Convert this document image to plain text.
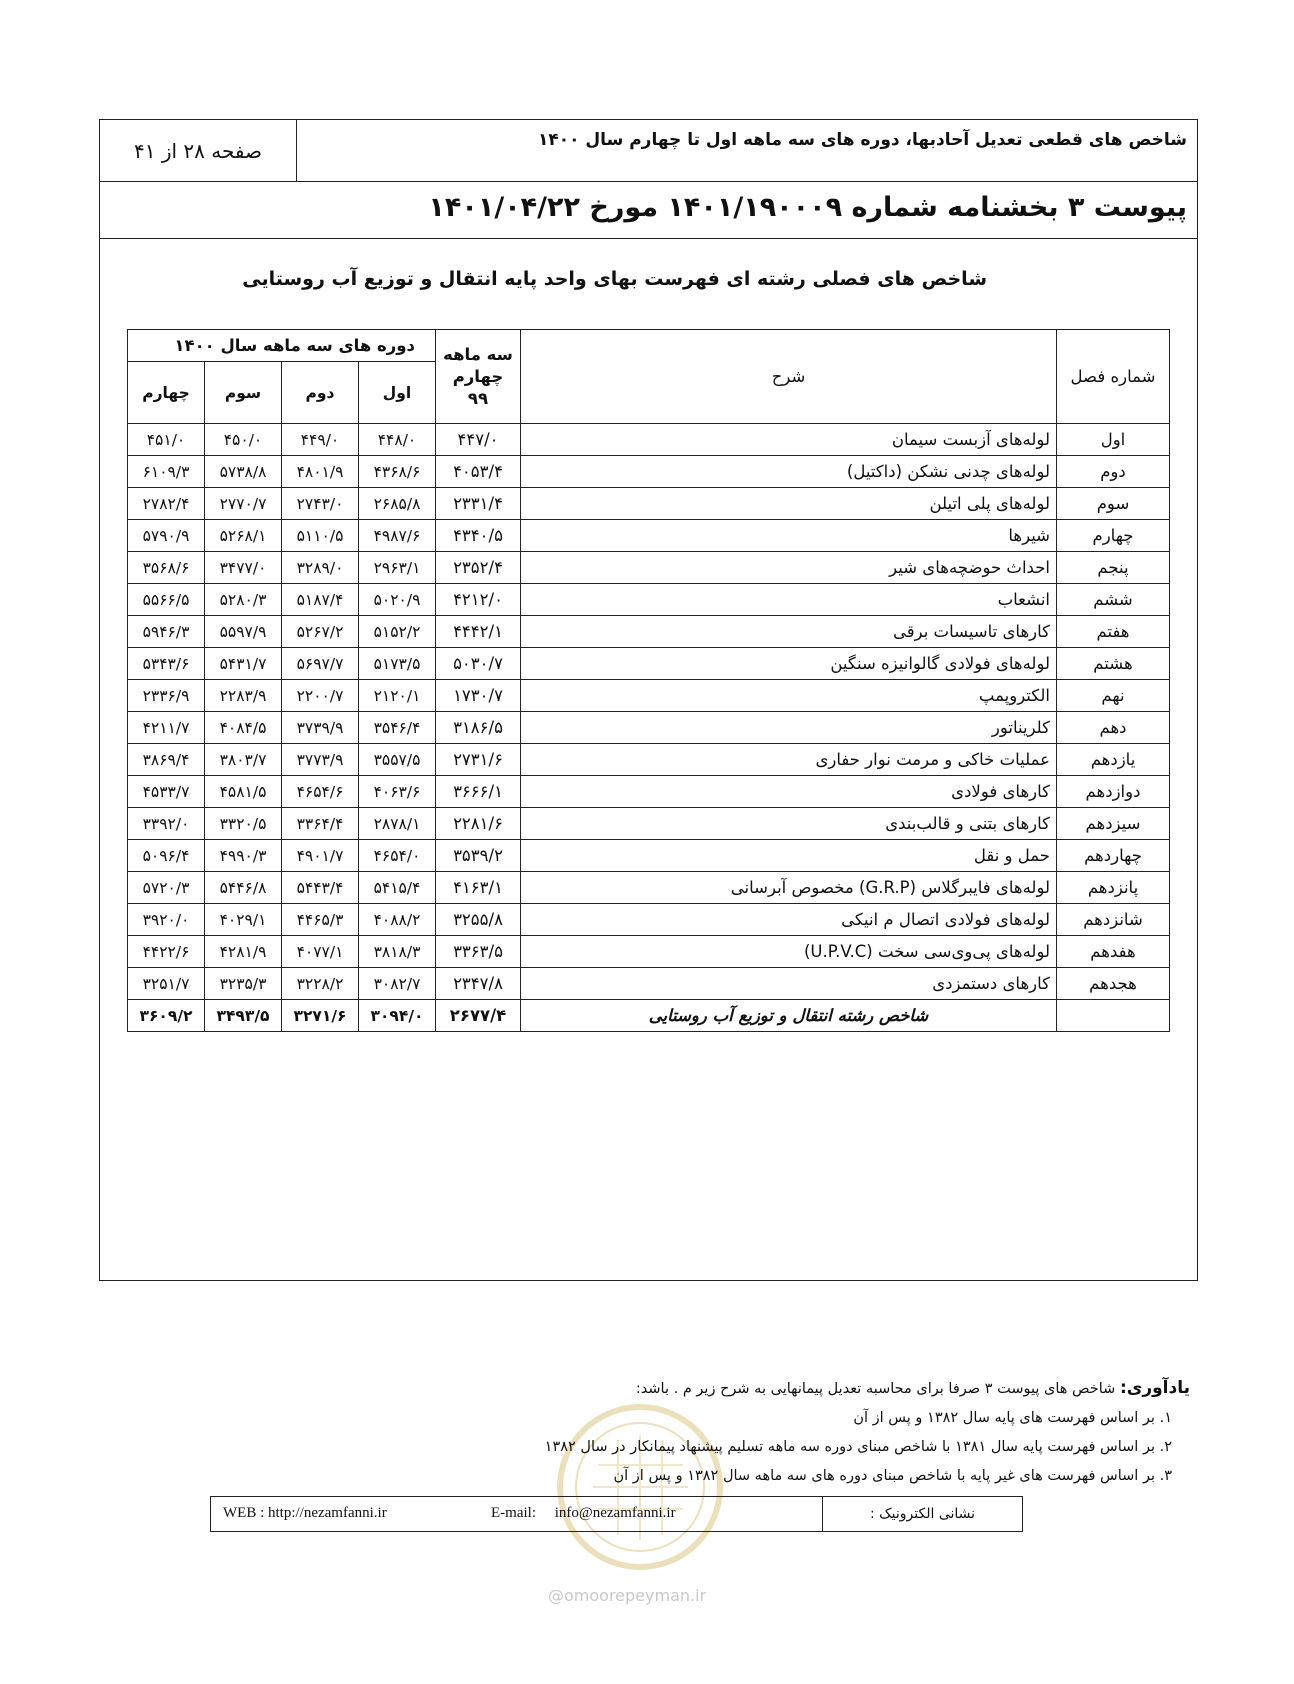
شاخص های قطعی تعدیل آحادبها، دوره های سه ماهه اول تا چهارم سال ۱۴۰۰
صفحه ۲۸ از ۴۱
پیوست ۳ بخشنامه شماره ۱۴۰۱/۱۹۰۰۰۹ مورخ ۱۴۰۱/۰۴/۲۲
شاخص های فصلی رشته ای فهرست بهای واحد پایه انتقال و توزیع آب روستایی
شماره فصل	شرح	سه ماهه چهارم ۹۹	دوره های سه ماهه سال ۱۴۰۰			
			اول	دوم	سوم	چهارم
اول	لوله‌های آزبست سیمان	۴۴۷/۰	۴۴۸/۰	۴۴۹/۰	۴۵۰/۰	۴۵۱/۰
دوم	لوله‌های چدنی نشکن (داکتیل)	۴۰۵۳/۴	۴۳۶۸/۶	۴۸۰۱/۹	۵۷۳۸/۸	۶۱۰۹/۳
سوم	لوله‌های پلی اتیلن	۲۳۳۱/۴	۲۶۸۵/۸	۲۷۴۳/۰	۲۷۷۰/۷	۲۷۸۲/۴
چهارم	شیرها	۴۳۴۰/۵	۴۹۸۷/۶	۵۱۱۰/۵	۵۲۶۸/۱	۵۷۹۰/۹
پنجم	احداث حوضچه‌های شیر	۲۳۵۲/۴	۲۹۶۳/۱	۳۲۸۹/۰	۳۴۷۷/۰	۳۵۶۸/۶
ششم	انشعاب	۴۲۱۲/۰	۵۰۲۰/۹	۵۱۸۷/۴	۵۲۸۰/۳	۵۵۶۶/۵
هفتم	کارهای تاسیسات برقی	۴۴۴۲/۱	۵۱۵۲/۲	۵۲۶۷/۲	۵۵۹۷/۹	۵۹۴۶/۳
هشتم	لوله‌های فولادی گالوانیزه سنگین	۵۰۳۰/۷	۵۱۷۳/۵	۵۶۹۷/۷	۵۴۳۱/۷	۵۳۴۳/۶
نهم	الکتروپمپ	۱۷۳۰/۷	۲۱۲۰/۱	۲۲۰۰/۷	۲۲۸۳/۹	۲۳۳۶/۹
دهم	کلریناتور	۳۱۸۶/۵	۳۵۴۶/۴	۳۷۳۹/۹	۴۰۸۴/۵	۴۲۱۱/۷
یازدهم	عملیات خاکی و مرمت نوار حفاری	۲۷۳۱/۶	۳۵۵۷/۵	۳۷۷۳/۹	۳۸۰۳/۷	۳۸۶۹/۴
دوازدهم	کارهای فولادی	۳۶۶۶/۱	۴۰۶۳/۶	۴۶۵۴/۶	۴۵۸۱/۵	۴۵۳۳/۷
سیزدهم	کارهای بتنی و قالب‌بندی	۲۲۸۱/۶	۲۸۷۸/۱	۳۳۶۴/۴	۳۳۲۰/۵	۳۳۹۲/۰
چهاردهم	حمل و نقل	۳۵۳۹/۲	۴۶۵۴/۰	۴۹۰۱/۷	۴۹۹۰/۳	۵۰۹۶/۴
پانزدهم	لوله‌های فایبرگلاس (G.R.P) مخصوص آبرسانی	۴۱۶۳/۱	۵۴۱۵/۴	۵۴۴۳/۴	۵۴۴۶/۸	۵۷۲۰/۳
شانزدهم	لوله‌های فولادی اتصال م انیکی	۳۲۵۵/۸	۴۰۸۸/۲	۴۴۶۵/۳	۴۰۲۹/۱	۳۹۲۰/۰
هفدهم	لوله‌های پی‌وی‌سی سخت (U.P.V.C)	۳۳۶۳/۵	۳۸۱۸/۳	۴۰۷۷/۱	۴۲۸۱/۹	۴۴۲۲/۶
هجدهم	کارهای دستمزدی	۲۳۴۷/۸	۳۰۸۲/۷	۳۲۲۸/۲	۳۲۳۵/۳	۳۲۵۱/۷
	شاخص رشته انتقال و توزیع آب روستایی	۲۶۷۷/۴	۳۰۹۴/۰	۳۲۷۱/۶	۳۴۹۳/۵	۳۶۰۹/۲
@omoorepeyman.ir
یادآوری: شاخص های پیوست ۳ صرفا برای محاسبه تعدیل پیمانهایی به شرح زیر م . باشد:
۱. بر اساس فهرست های پایه سال ۱۳۸۲ و پس از آن
۲. بر اساس فهرست پایه سال ۱۳۸۱ با شاخص مبنای دوره سه ماهه تسلیم پیشنهاد پیمانکار در سال ۱۳۸۲
۳. بر اساس فهرست های غیر پایه با شاخص مبنای دوره های سه ماهه سال ۱۳۸۲ و پس از آن
نشانی الکترونیک :
E-mail: info@nezamfanni.ir
WEB : http://nezamfanni.ir
